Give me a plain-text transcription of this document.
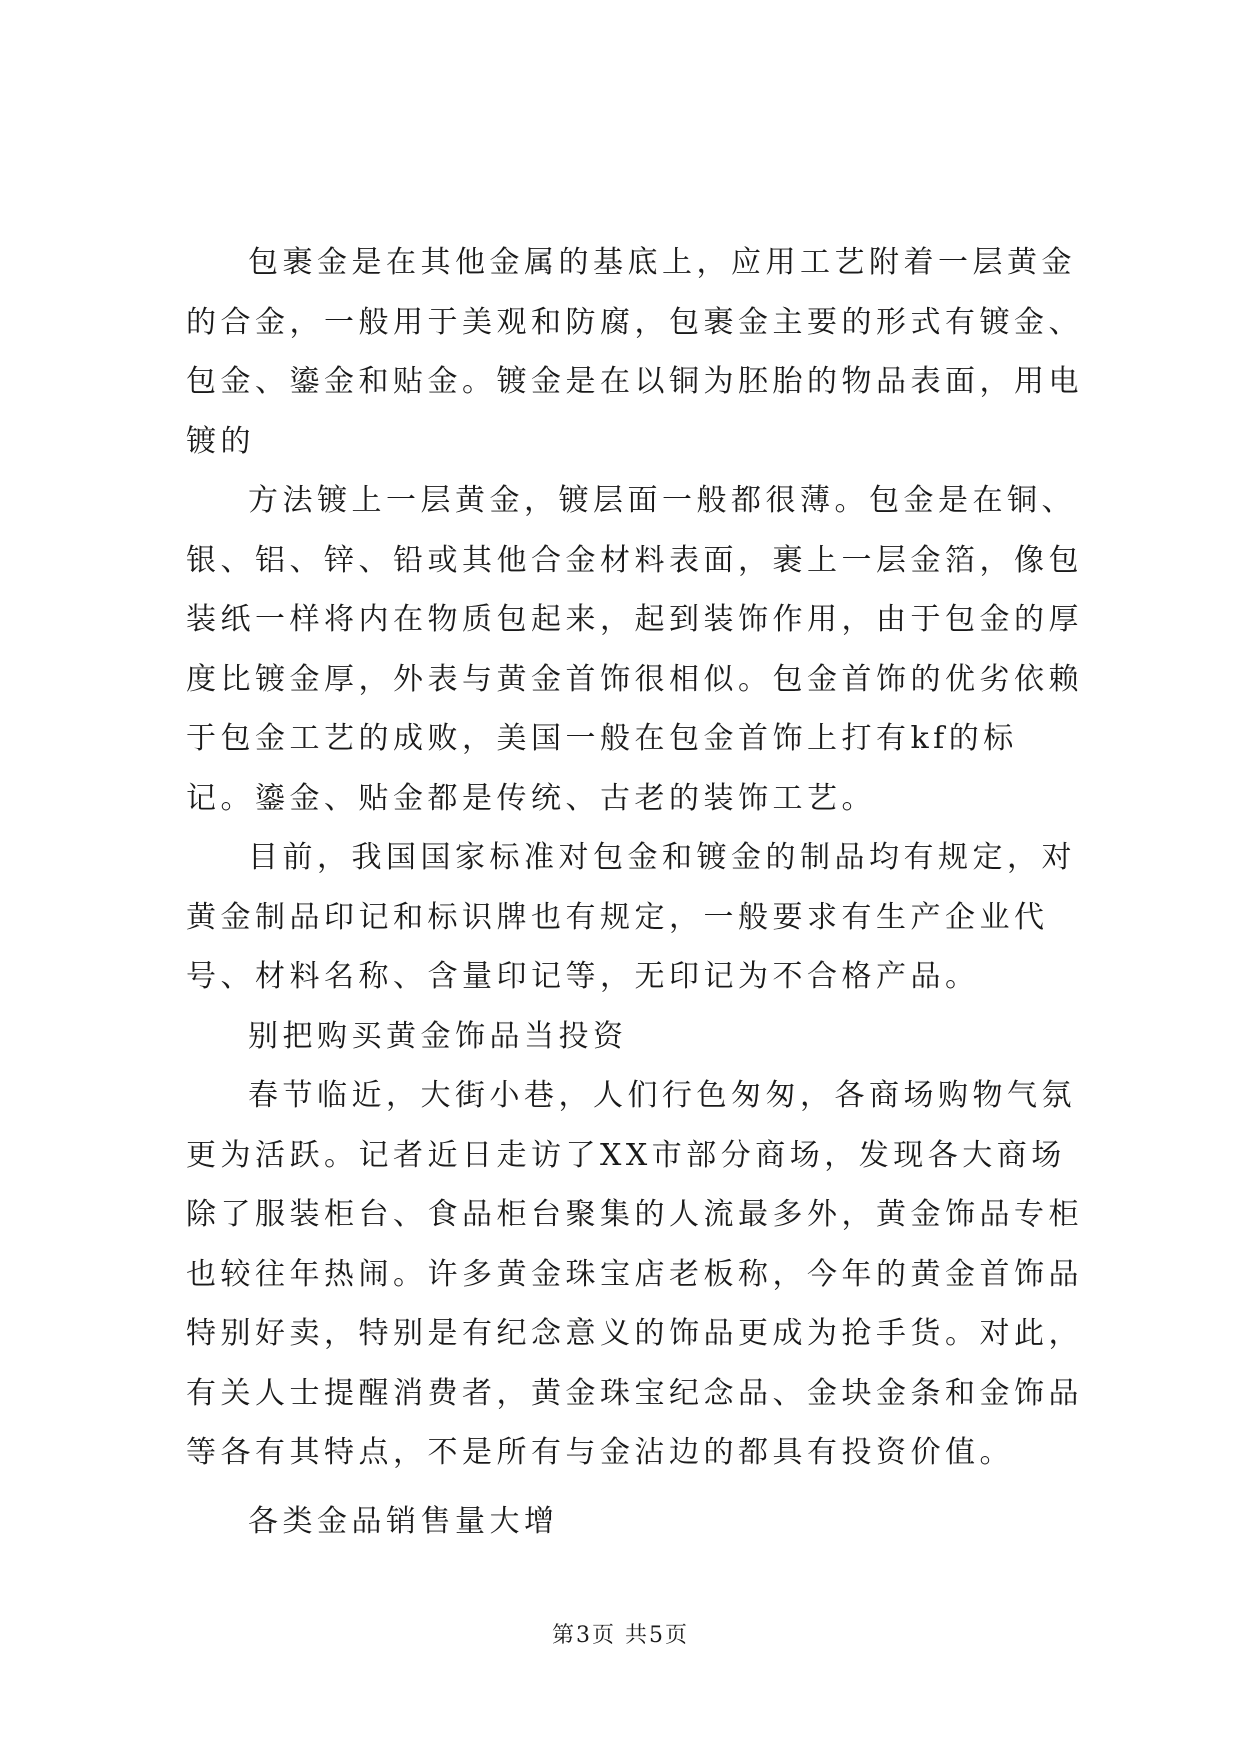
包裹金是在其他金属的基底上，应用工艺附着一层黄金的合金，一般用于美观和防腐，包裹金主要的形式有镀金、包金、鎏金和贴金。镀金是在以铜为胚胎的物品表面，用电镀的

方法镀上一层黄金，镀层面一般都很薄。包金是在铜、银、铝、锌、铅或其他合金材料表面，裹上一层金箔，像包装纸一样将内在物质包起来，起到装饰作用，由于包金的厚度比镀金厚，外表与黄金首饰很相似。包金首饰的优劣依赖于包金工艺的成败，美国一般在包金首饰上打有kf的标记。鎏金、贴金都是传统、古老的装饰工艺。

目前，我国国家标准对包金和镀金的制品均有规定，对黄金制品印记和标识牌也有规定，一般要求有生产企业代号、材料名称、含量印记等，无印记为不合格产品。

别把购买黄金饰品当投资

春节临近，大街小巷，人们行色匆匆，各商场购物气氛更为活跃。记者近日走访了XX市部分商场，发现各大商场除了服装柜台、食品柜台聚集的人流最多外，黄金饰品专柜也较往年热闹。许多黄金珠宝店老板称，今年的黄金首饰品特别好卖，特别是有纪念意义的饰品更成为抢手货。对此，有关人士提醒消费者，黄金珠宝纪念品、金块金条和金饰品等各有其特点，不是所有与金沾边的都具有投资价值。

各类金品销售量大增

第3页 共5页
